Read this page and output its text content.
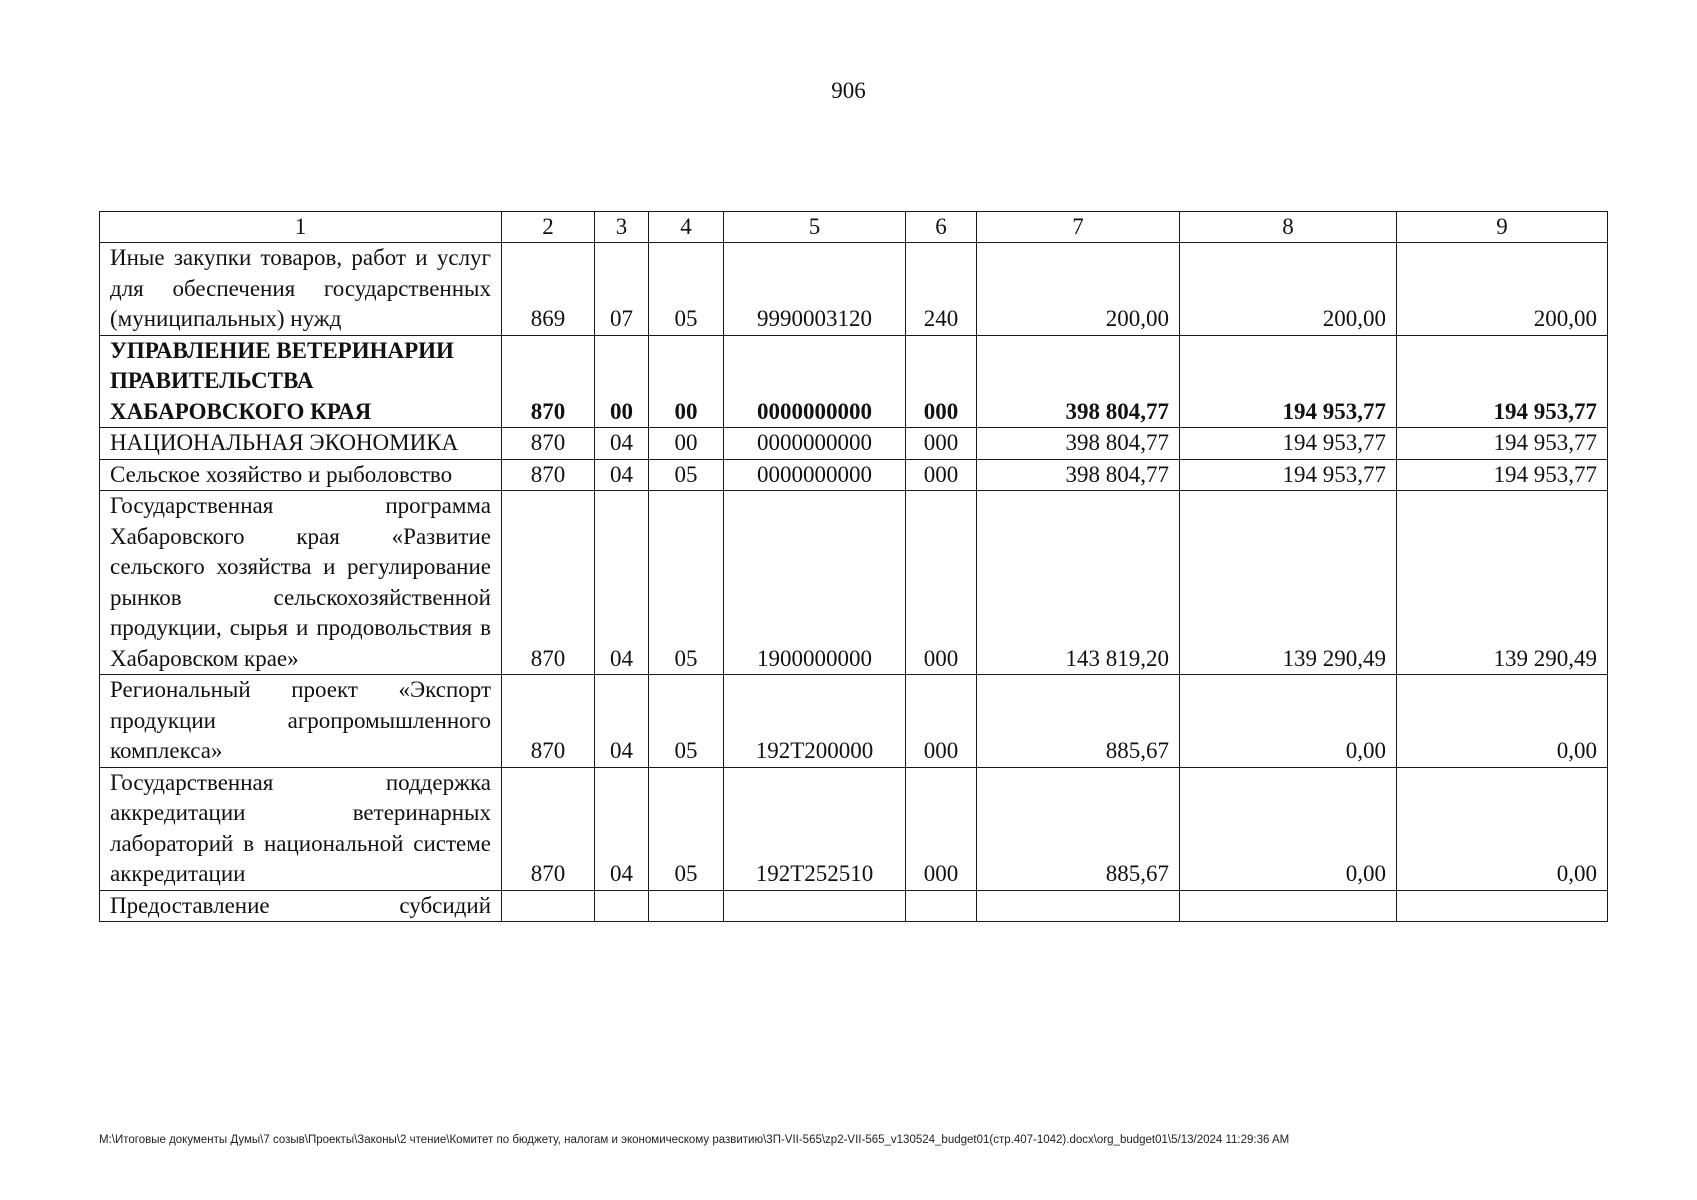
906
1	2	3	4	5	6	7	8	9
Иные закупки товаров, работ и услуг для обеспечения государственных (муниципальных) нужд	869	07	05	9990003120	240	200,00	200,00	200,00
УПРАВЛЕНИЕ ВЕТЕРИНАРИИ ПРАВИТЕЛЬСТВА ХАБАРОВСКОГО КРАЯ	870	00	00	0000000000	000	398 804,77	194 953,77	194 953,77
НАЦИОНАЛЬНАЯ ЭКОНОМИКА	870	04	00	0000000000	000	398 804,77	194 953,77	194 953,77
Сельское хозяйство и рыболовство	870	04	05	0000000000	000	398 804,77	194 953,77	194 953,77
Государственная программа Хабаровского края «Развитие сельского хозяйства и регулирование рынков сельскохозяйственной продукции, сырья и продовольствия в Хабаровском крае»	870	04	05	1900000000	000	143 819,20	139 290,49	139 290,49
Региональный проект «Экспорт продукции агропромышленного комплекса»	870	04	05	192T200000	000	885,67	0,00	0,00
Государственная поддержка аккредитации ветеринарных лабораторий в национальной системе аккредитации	870	04	05	192T252510	000	885,67	0,00	0,00
Предоставление субсидий								
M:\Итоговые документы Думы\7 созыв\Проекты\Законы\2 чтение\Комитет по бюджету, налогам и экономическому развитию\3П-VII-565\zp2-VII-565_v130524_budget01(стр.407-1042).docx\org_budget01\5/13/2024 11:29:36 AM
